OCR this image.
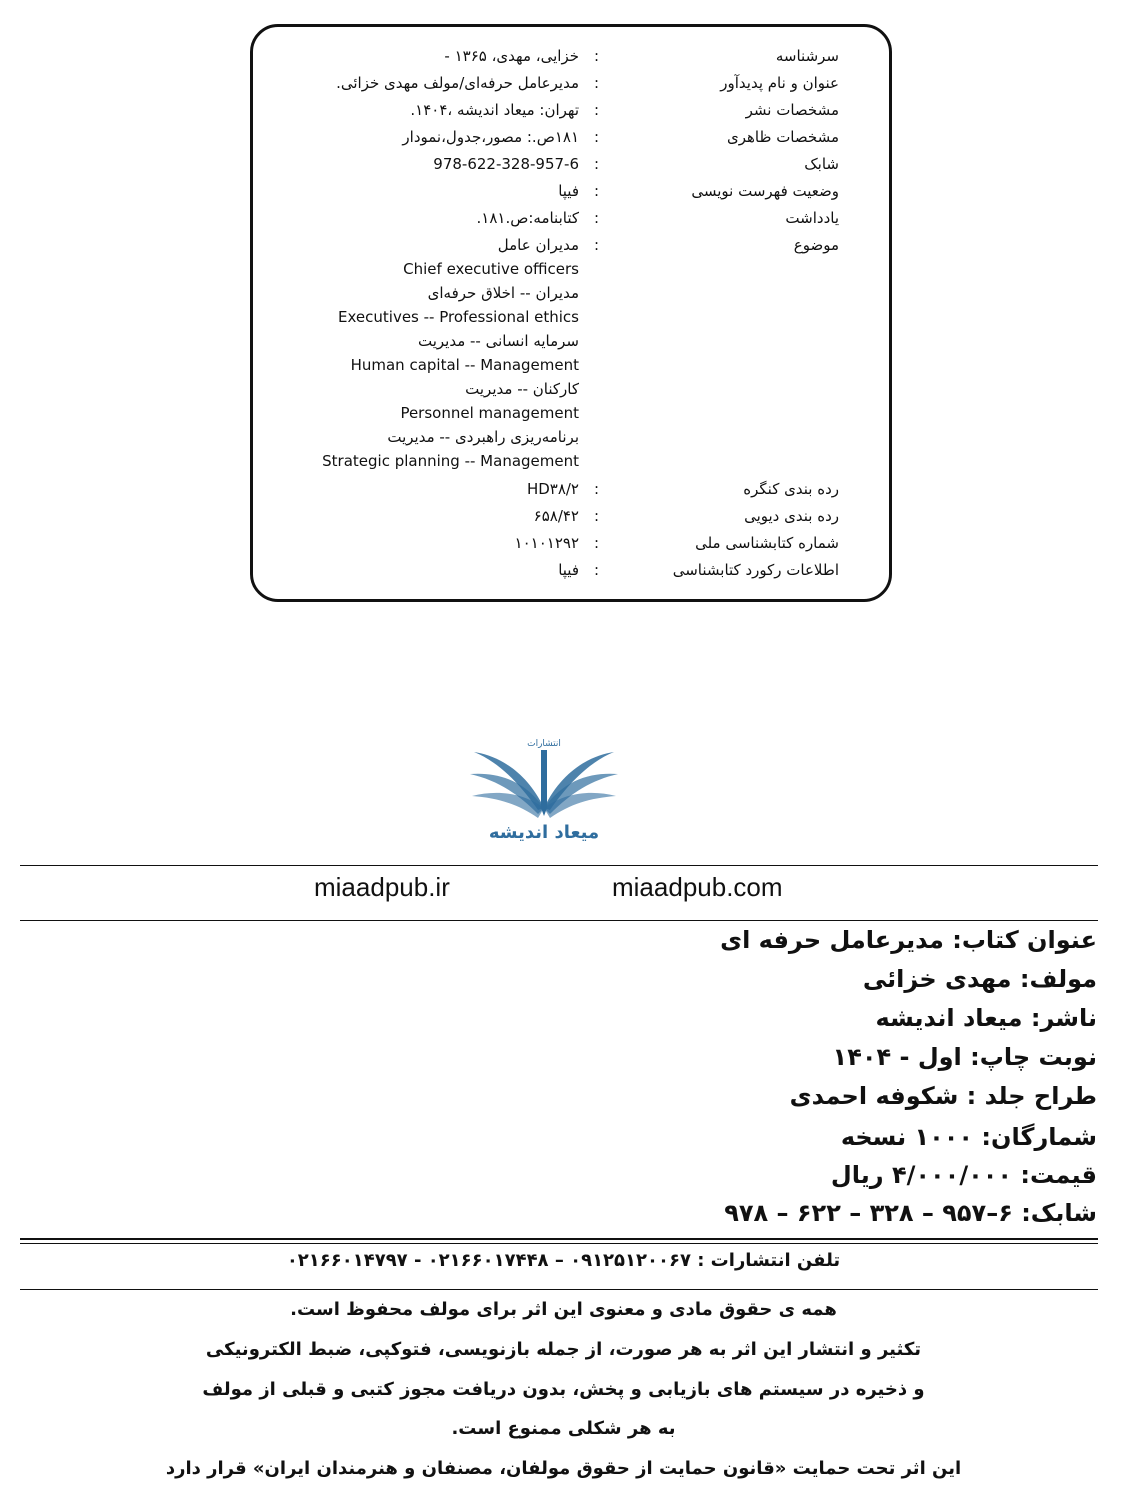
سرشناسه
:
خزایی، مهدی، ۱۳۶۵ -
عنوان و نام پدیدآور
:
مدیرعامل حرفه‌ای/مولف مهدی خزائی.
مشخصات نشر
:
تهران: میعاد اندیشه ،۱۴۰۴.
مشخصات ظاهری
:
۱۸۱ص.: مصور،جدول،نمودار
شابک
:
978-622-328-957-6
وضعیت فهرست نویسی
:
فیپا
یادداشت
:
کتابنامه:ص.۱۸۱.
موضوع
:
مدیران عامل
Chief executive officers
مدیران -- اخلاق حرفه‌ای
Executives -- Professional ethics
سرمایه انسانی -- مدیریت
Human capital -- Management
کارکنان -- مدیریت
Personnel management
برنامه‌ریزی راهبردی -- مدیریت
Strategic planning -- Management
رده بندی کنگره
:
HD۳۸/۲
رده بندی دیویی
:
۶۵۸/۴۲
شماره کتابشناسی ملی
:
۱۰۱۰۱۲۹۲
اطلاعات رکورد کتابشناسی
:
فیپا
انتشارات
میعاد اندیشه
miaadpub.ir	miaadpub.com
عنوان کتاب: مدیرعامل حرفه ای
مولف: مهدی خزائی
ناشر: میعاد اندیشه
نوبت چاپ: اول - ۱۴۰۴
طراح جلد : شکوفه احمدی
شمارگان: ۱۰۰۰ نسخه
قیمت: ۴/۰۰۰/۰۰۰ ریال
شابک: ۶–۹۵۷ – ۳۲۸ – ۶۲۲ – ۹۷۸
تلفن انتشارات : ۰۹۱۲۵۱۲۰۰۶۷ – ۰۲۱۶۶۰۱۷۴۴۸ - ۰۲۱۶۶۰۱۴۷۹۷
همه ی حقوق مادی و معنوی این اثر برای مولف محفوظ است.
تکثیر و انتشار این اثر به هر صورت، از جمله بازنویسی، فتوکپی، ضبط الکترونیکی
و ذخیره در سیستم های بازیابی و پخش، بدون دریافت مجوز کتبی و قبلی از مولف
به هر شکلی ممنوع است.
این اثر تحت حمایت «قانون حمایت از حقوق مولفان، مصنفان و هنرمندان ایران» قرار دارد
